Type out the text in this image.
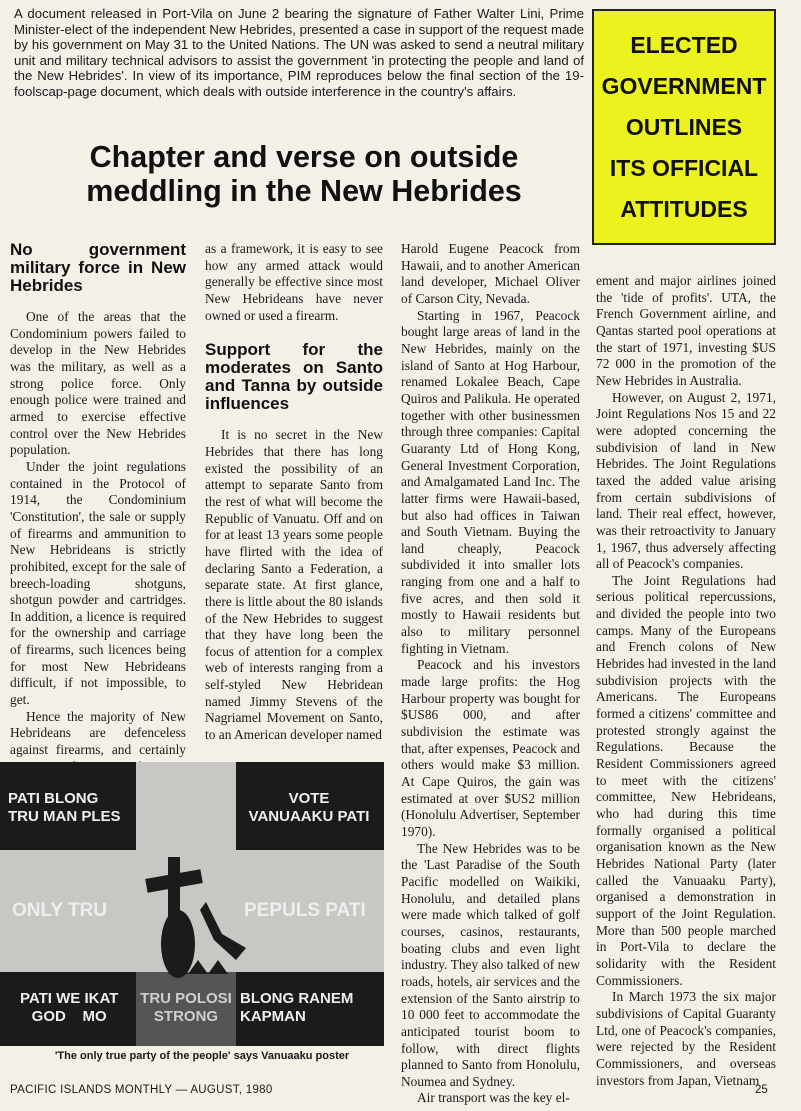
A document released in Port-Vila on June 2 bearing the signature of Father Walter Lini, Prime Minister-elect of the independent New Hebrides, presented a case in support of the request made by his government on May 31 to the United Nations. The UN was asked to send a neutral military unit and military technical advisors to assist the government 'in protecting the people and land of the New Hebrides'. In view of its importance, PIM reproduces below the final section of the 19-foolscap-page document, which deals with outside interference in the country's affairs.
ELECTED
GOVERNMENT
OUTLINES
ITS OFFICIAL
ATTITUDES
Chapter and verse on outside meddling in the New Hebrides
No government military force in New Hebrides

One of the areas that the Condominium powers failed to develop in the New Hebrides was the military, as well as a strong police force. Only enough police were trained and armed to exercise effective control over the New Hebrides population.

Under the joint regulations contained in the Protocol of 1914, the Condominium 'Constitution', the sale or supply of firearms and ammunition to New Hebrideans is strictly prohibited, except for the sale of breech-loading shotguns, shotgun powder and cartridges. In addition, a licence is required for the ownership and carriage of firearms, such licences being for most New Hebrideans difficult, if not impossible, to get.

Hence the majority of New Hebrideans are defenceless against firearms, and certainly

as a framework, it is easy to see how any armed attack would generally be effective since most New Hebrideans have never owned or used a firearm.

Support for the moderates on Santo and Tanna by outside influences

It is no secret in the New Hebrides that there has long existed the possibility of an attempt to separate Santo from the rest of what will become the Republic of Vanuatu. Off and on for at least 13 years some people have flirted with the idea of declaring Santo a Federation, a separate state. At first glance, there is little about the 80 islands of the New Hebrides to suggest that they have long been the focus of attention for a complex web of interests ranging from a self-styled New Hebridean named Jimmy Stevens of the Nagriamel Movement on Santo, to an American developer named

Harold Eugene Peacock from Hawaii, and to another American land developer, Michael Oliver of Carson City, Nevada.

Starting in 1967, Peacock bought large areas of land in the New Hebrides, mainly on the island of Santo at Hog Harbour, renamed Lokalee Beach, Cape Quiros and Palikula. He operated together with other businessmen through three companies: Capital Guaranty Ltd of Hong Kong, General Investment Corporation, and Amalgamated Land Inc. The latter firms were Hawaii-based, but also had offices in Taiwan and South Vietnam. Buying the land cheaply, Peacock subdivided it into smaller lots ranging from one and a half to five acres, and then sold it mostly to Hawaii residents but also to military personnel fighting in Vietnam.

Peacock and his investors made large profits: the Hog Harbour property was bought for $US86 000, and after subdivision the estimate was that, after expenses, Peacock and others would make $3 million. At Cape Quiros, the gain was estimated at over $US2 million (Honolulu Advertiser, September 1970).

The New Hebrides was to be the 'Last Paradise of the South Pacific modelled on Waikiki, Honolulu, and detailed plans were made which talked of golf courses, casinos, restaurants, boating clubs and even light industry. They also talked of new roads, hotels, air services and the extension of the Santo airstrip to 10 000 feet to accommodate the anticipated tourist boom to follow, with direct flights planned to Santo from Honolulu, Noumea and Sydney.

Air transport was the key el-

ement and major airlines joined the 'tide of profits'. UTA, the French Government airline, and Qantas started pool operations at the start of 1971, investing $US 72 000 in the promotion of the New Hebrides in Australia.

However, on August 2, 1971, Joint Regulations Nos 15 and 22 were adopted concerning the subdivision of land in New Hebrides. The Joint Regulations taxed the added value arising from certain subdivisions of land. Their real effect, however, was their retroactivity to January 1, 1967, thus adversely affecting all of Peacock's companies.

The Joint Regulations had serious political repercussions, and divided the people into two camps. Many of the Europeans and French colons of New Hebrides had invested in the land subdivision projects with the Americans. The Europeans formed a citizens' committee and protested strongly against the Regulations. Because the Resident Commissioners agreed to meet with the citizens' committee, New Hebrideans, who had during this time formally organised a political organisation known as the New Hebrides National Party (later called the Vanuaaku Party), organised a demonstration in support of the Joint Regulation. More than 500 people marched in Port-Vila to declare the solidarity with the Resident Commissioners.

In March 1973 the six major subdivisions of Capital Guaranty Ltd, one of Peacock's companies, were rejected by the Resident Commissioners, and overseas investors from Japan, Vietnam

PATI BLONG
TRU MAN PLES
VOTE
VANUAAKU PATI
ONLY TRU	PEPULS PATI
PATI WE IKAT
GOD    MO
TRU POLOSI
STRONG
BLONG RANEM
KAPMAN
'The only true party of the people' says Vanuaaku poster
PACIFIC ISLANDS MONTHLY — AUGUST, 1980	25
